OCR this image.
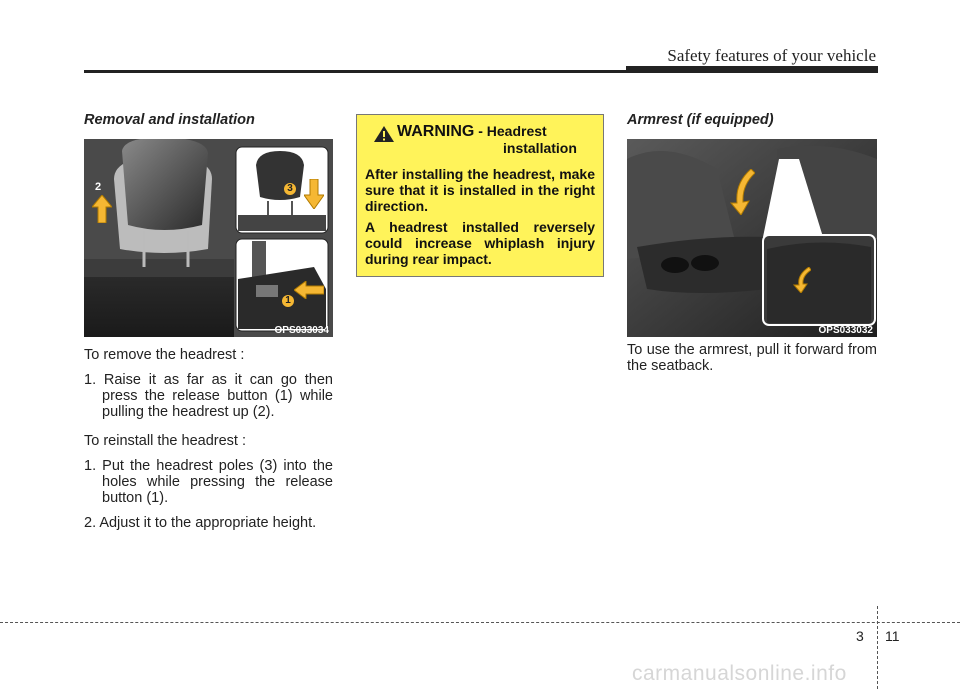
Safety features of your vehicle
Removal and installation
2	3
1
OPS033034

To remove the headrest :

1. Raise it as far as it can go then press the release button (1) while pulling the headrest up (2).

To reinstall the headrest :

1. Put the headrest poles (3) into the holes while pressing the release button (1).

2. Adjust it to the appropriate height.

WARNING - Headrest
installation

After installing the headrest, make sure that it is installed in the right direction.

A headrest installed reversely could increase whiplash injury during rear impact.

Armrest (if equipped)
OPS033032
To use the armrest, pull it forward from the seatback.
3 11
carmanualsonline.info
